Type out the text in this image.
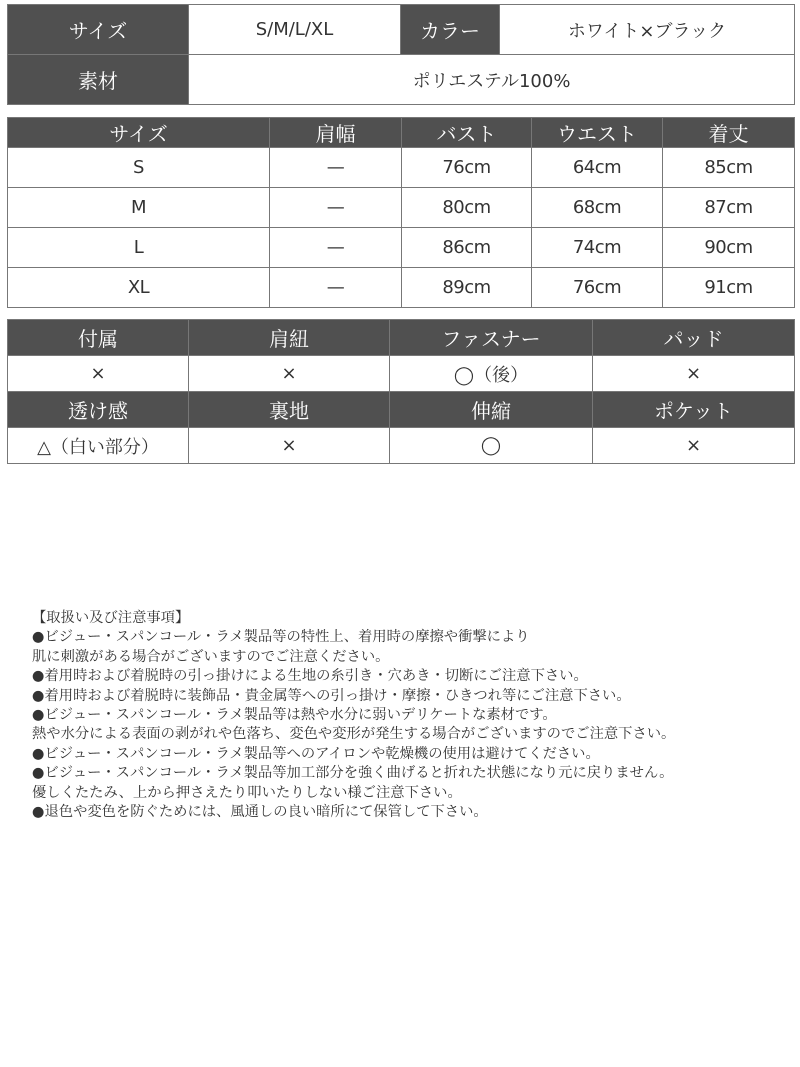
サイズ	S/M/L/XL	カラー	ホワイト×ブラック
素材	ポリエステル100%		
サイズ	肩幅	バスト	ウエスト	着丈
S	—	76cm	64cm	85cm
M	—	80cm	68cm	87cm
L	—	86cm	74cm	90cm
XL	—	89cm	76cm	91cm
付属	肩紐	ファスナー	パッド
×	×	◯（後）	×
透け感	裏地	伸縮	ポケット
△（白い部分）	×	◯	×
【取扱い及び注意事項】
●ビジュー・スパンコール・ラメ製品等の特性上、着用時の摩擦や衝撃により
肌に刺激がある場合がございますのでご注意ください。
●着用時および着脱時の引っ掛けによる生地の糸引き・穴あき・切断にご注意下さい。
●着用時および着脱時に装飾品・貴金属等への引っ掛け・摩擦・ひきつれ等にご注意下さい。
●ビジュー・スパンコール・ラメ製品等は熱や水分に弱いデリケートな素材です。
熱や水分による表面の剥がれや色落ち、変色や変形が発生する場合がございますのでご注意下さい。
●ビジュー・スパンコール・ラメ製品等へのアイロンや乾燥機の使用は避けてください。
●ビジュー・スパンコール・ラメ製品等加工部分を強く曲げると折れた状態になり元に戻りません。
優しくたたみ、上から押さえたり叩いたりしない様ご注意下さい。
●退色や変色を防ぐためには、風通しの良い暗所にて保管して下さい。
